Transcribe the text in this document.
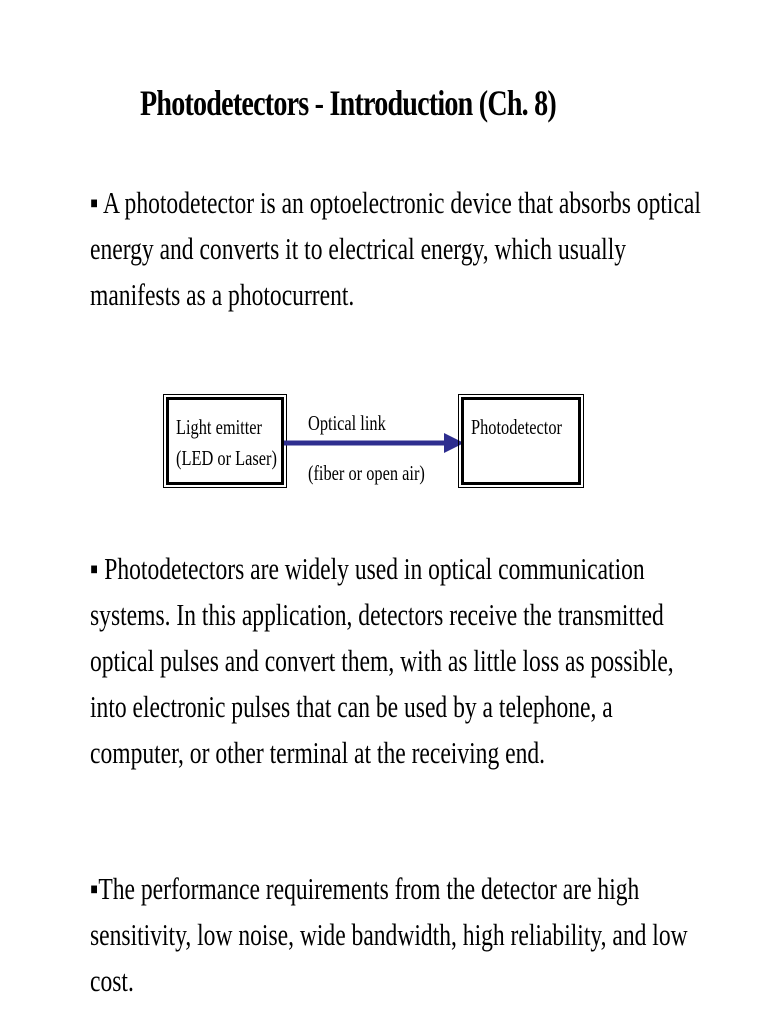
Photodetectors - Introduction (Ch. 8)

▪ A photodetector is an optoelectronic device that absorbs optical energy and converts it to electrical energy, which usually manifests as a photocurrent.

Light emitter
(LED or Laser)
Optical link
(fiber or open air)
Photodetector

▪ Photodetectors are widely used in optical communication systems. In this application, detectors receive the transmitted optical pulses and convert them, with as little loss as possible, into electronic pulses that can be used by a telephone, a computer, or other terminal at the receiving end.

▪The performance requirements from the detector are high sensitivity, low noise, wide bandwidth, high reliability, and low cost.
